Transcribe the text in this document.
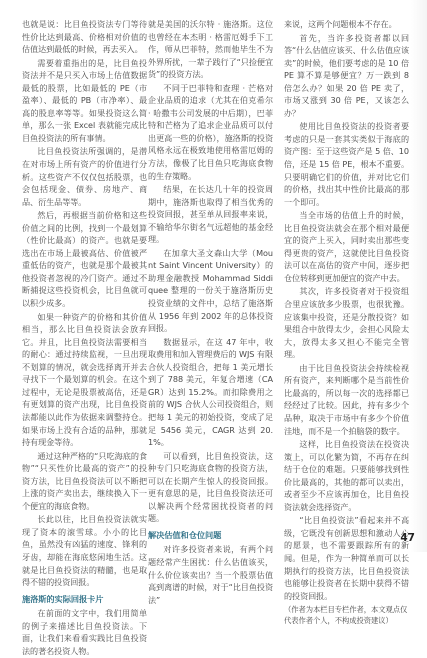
也就是说：比目鱼投资法专门等待性价比达到最高、价格相对价值的估值达到最低的时候，再去买入。

需要着重指出的是，比目鱼投资法并不是只买入市场上估值数据最低的股票，比如最低的 PE（市盈率）、最低的 PB（市净率）、最高的股息率等等。如果投资这么简单，那么一张 Excel 表就能完成比目鱼投资法的所有事情。

比目鱼投资法所强调的，是潜在对市场上所有资产的价值进行分析。这些资产不仅仅包括股票，也会包括现金、债券、房地产、商品、衍生品等等。

然后，再根据当前价格和这些价值之间的比例，找到一个最划算（性价比最高）的资产。也就是要选出在市场上最被高估、价值被严重低估的资产，也就是那个最被其他投资者忽视的冷门资产。通过不断捕捉这些投资机会，比目鱼就可以积少成多。

如果一种资产的价格和其价值相当，那么比目鱼投资法会放弃它。并且，比目鱼投资法需要相当的耐心：通过持续监视，一旦出现不划算的情况，就会选择离开并去寻找下一个最划算的机会。在这个过程中，无论是股票被高估，还是有更划算的资产出现，比目鱼投资法都能以此作为依据来调整持仓。如果市场上没有合适的品种，那就持有现金等待。

通过这种严格的“只吃海底的食物”“只买性价比最高的资产”的投资方法，比目鱼投资法可以不断把上涨的资产卖出去，继续换入下一个便宜的海底食物。

长此以往，比目鱼投资法就实现了资本的滚雪球。小小的比目鱼，虽然没有凶猛的速度、锋利的牙齿，却能在海底悠闲地生活。这就是比目鱼投资法的精髓，也是取得不错的投资回报。

施洛斯的实际回报卡片

在前面的文字中，我们用简单的例子来描述比目鱼投资法。下面，让我们来看看实践比目鱼投资法的著名投资人物。

就是美国的沃尔特 · 施洛斯。这位也曾经在本杰明 · 格雷厄姆手下工作，师从巴菲特，然而他毕生不为外界所扰，一辈子践行了“只捡便宜货”的投资方法。

不同于巴菲特和查理 · 芒格对企业品质的追求（尤其在伯克希尔 · 哈撒韦公司发展的中后期），巴菲特和芒格为了追求企业品质可以付出更高一些的价格），施洛斯的投资风格永远在极致地使用格雷厄姆的方法，像极了比目鱼只吃海底食物的生存策略。

结果，在长达几十年的投资周期中，施洛斯也取得了相当优秀的投资回报，甚至单从回报率来说，不输给华尔街名气远超他的基金经理。

在加拿大圣文森山大学（Mount Saint Vincent University）的助理金融教授 Mohammad Siddiquee 整理的一份关于施洛斯历史投资业绩的文件中，总结了施洛斯从 1956 年到 2002 年的总体投资回报。

数据显示，在这 47 年中，收取费用和加入管理费后的 WJS 有限合伙人投资组合，把每 1 美元增长到了 788 美元，年复合增速（CAGR）达到 15.2%。而扣除费用之前的 WJS 合伙人公司投资组合，则把每 1 美元的初始投资，变成了足足 5456 美元，CAGR 达到 20.1%。

可以看到，比目鱼投资法，这种专门只吃海底食物的投资方法，可以在长期产生惊人的投资回报。更有意思的是，比目鱼投资法还可以解决两个经常困扰投资者的问题。

解决估值和仓位问题

对许多投资者来说，有两个问题经常产生困扰：什么估值该买，什么价位该卖出？当一个股票估值高到离谱的时候，对于“比目鱼投资法”

来说，这两个问题根本不存在。

首先，当许多投资者都以回答“什么估值应该买、什么估值应该卖”的时候，他们要考虑的是 10 倍 PE 算不算是够便宜？万一跌到 8 倍怎么办？如果 20 倍 PE 卖了，市场又涨到 30 倍 PE，又该怎么办？

使用比目鱼投资法的投资者要考虑的只是一套其实类似于海底的资产图：至于这些资产是 5 倍、10 倍，还是 15 倍 PE，根本不重要。只要明确它们的价值，并对比它们的价格，找出其中性价比最高的那一个即可。

当全市场的估值上升的时候，比目鱼投资法就会在那个相对最便宜的资产上买入，同时卖出那些变得更贵的资产，这就使比目鱼投资法可以在高估的资产中间，逐步把仓位转移到更加便宜的资产中去。

其次，许多投资者对于投资组合里应该放多少股票，也很犹豫。应该集中投资，还是分散投资？如果组合中放得太少，会担心风险太大，放得太多又担心不能完全管理。

由于比目鱼投资法会持续检视所有资产，来判断哪个是当前性价比最高的，所以每一次的选择都已经经过了比较。因此，持有多少个品种，取决于市场中有多少个价值洼地，而不是一个拍脑袋的数字。

这样，比目鱼投资法在投资决策上，可以化繁为简，不再存在纠结于仓位的难题。只要能够找到性价比最高的，其他的都可以卖出，或者至少不应该再加仓，比目鱼投资法就会选择资产。

“比目鱼投资法”看起来并不高级，它既没有创新思想和激动人心的愿景，也不需要跟踪所有的新闻。但是，作为一种简单而可以长期执行的投资方法，比目鱼投资法也能够让投资者在长期中获得不错的投资回报。

（作者为本栏目专栏作者，本文观点仅代表作者个人，不构成投资建议）
47
